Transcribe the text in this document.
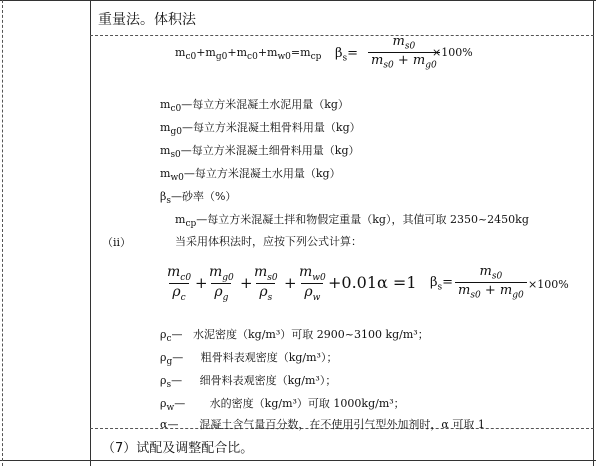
重量法。体积法
$m_{c0}+m_{g0}+m_{c0}+m_{w0}=m_{cp}$ $\beta_s= \frac{m_{s0}}{m_{s0} + m_{g0}}$
×100%
$m_{c0}—$每立方米混凝土水泥用量（kg）
$m_{g0}—$每立方米混凝土粗骨料用量（kg）
$m_{s0}—$每立方米混凝土细骨料用量（kg）
$m_{w0}—$每立方米混凝土水用量（kg）
$\beta_s—$砂率（%）
$m_{cp}—$每立方米混凝土拌和物假定重量（kg），其值可取 2350~2450kg
（ii）	当采用体积法时，应按下列公式计算：
$\frac{m_{c0}}{\rho_c}$ +
$\frac{m_{g0}}{\rho_g}$ +
$\frac{m_{s0}}{\rho_s} + \frac{m_{w0}}{\rho_w} +0.01\alpha =1$ $\beta_s= \frac{m_{s0}}{m_{s0} + m_{g0}} \times 100\%$
$\rho_c—$ 水泥密度（kg/m³）可取 2900~3100 kg/m³；
$\rho_g—$ 粗骨料表观密度（kg/m³）；
$\rho_s—$ 细骨料表观密度（kg/m³）；
$\rho_w—$ 水的密度（kg/m³）可取 1000kg/m³；
α— 混凝土含气量百分数，在不使用引气型外加剂时，α 可取 1
（7）试配及调整配合比。
